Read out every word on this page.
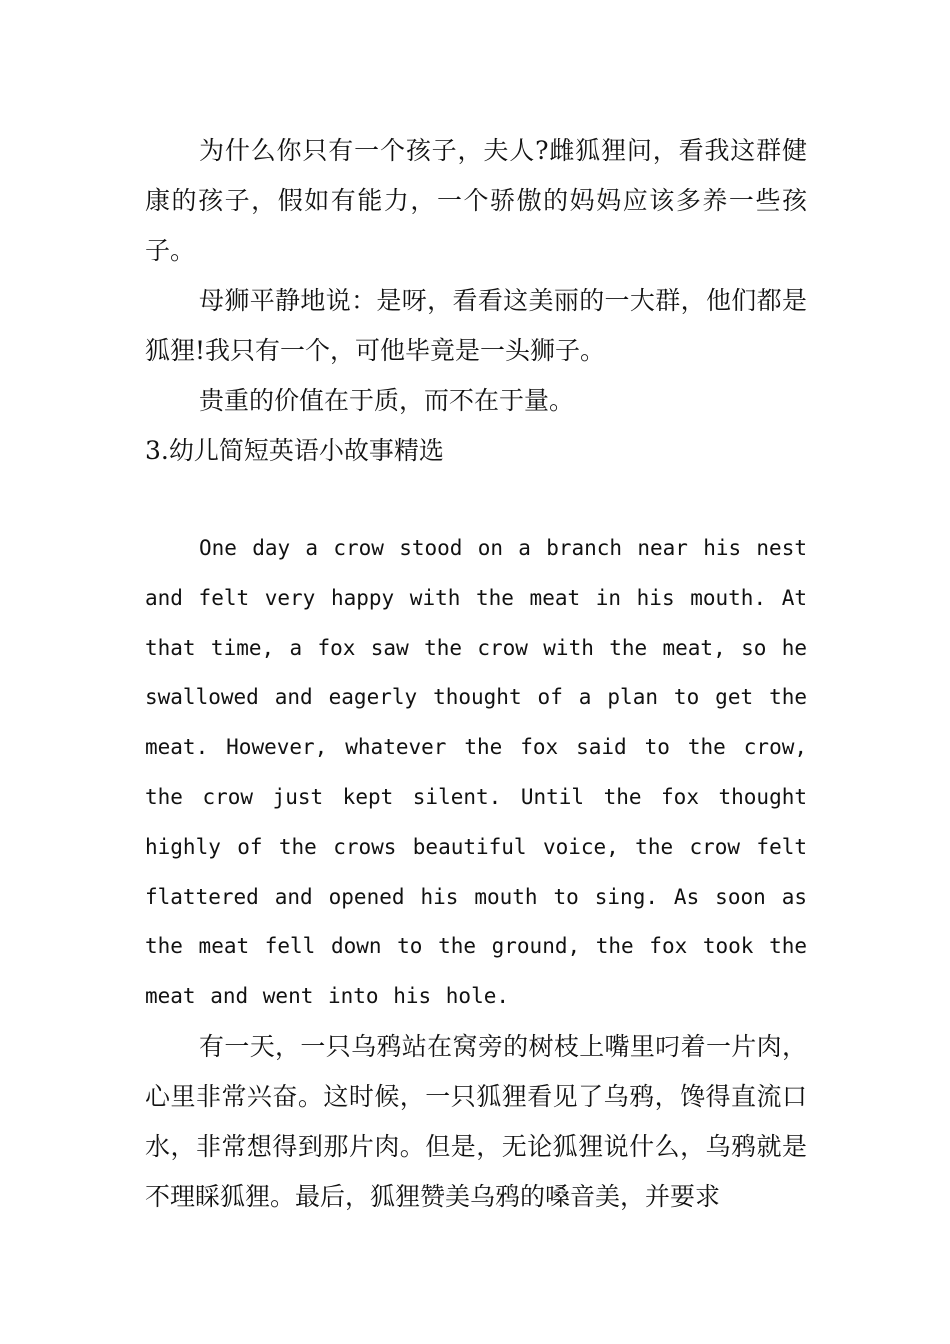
为什么你只有一个孩子，夫人?雌狐狸问，看我这群健康的孩子，假如有能力，一个骄傲的妈妈应该多养一些孩子。

母狮平静地说：是呀，看看这美丽的一大群，他们都是狐狸!我只有一个，可他毕竟是一头狮子。

贵重的价值在于质，而不在于量。

3.幼儿简短英语小故事精选

One day a crow stood on a branch near his nest and felt very happy with the meat in his mouth. At that time, a fox saw the crow with the meat, so he swallowed and eagerly thought of a plan to get the meat. However, whatever the fox said to the crow, the crow just kept silent. Until the fox thought highly of the crows beautiful voice, the crow felt flattered and opened his mouth to sing. As soon as the meat fell down to the ground, the fox took the meat and went into his hole.

有一天，一只乌鸦站在窝旁的树枝上嘴里叼着一片肉，心里非常兴奋。这时候，一只狐狸看见了乌鸦，馋得直流口水，非常想得到那片肉。但是，无论狐狸说什么，乌鸦就是不理睬狐狸。最后，狐狸赞美乌鸦的嗓音美，并要求
